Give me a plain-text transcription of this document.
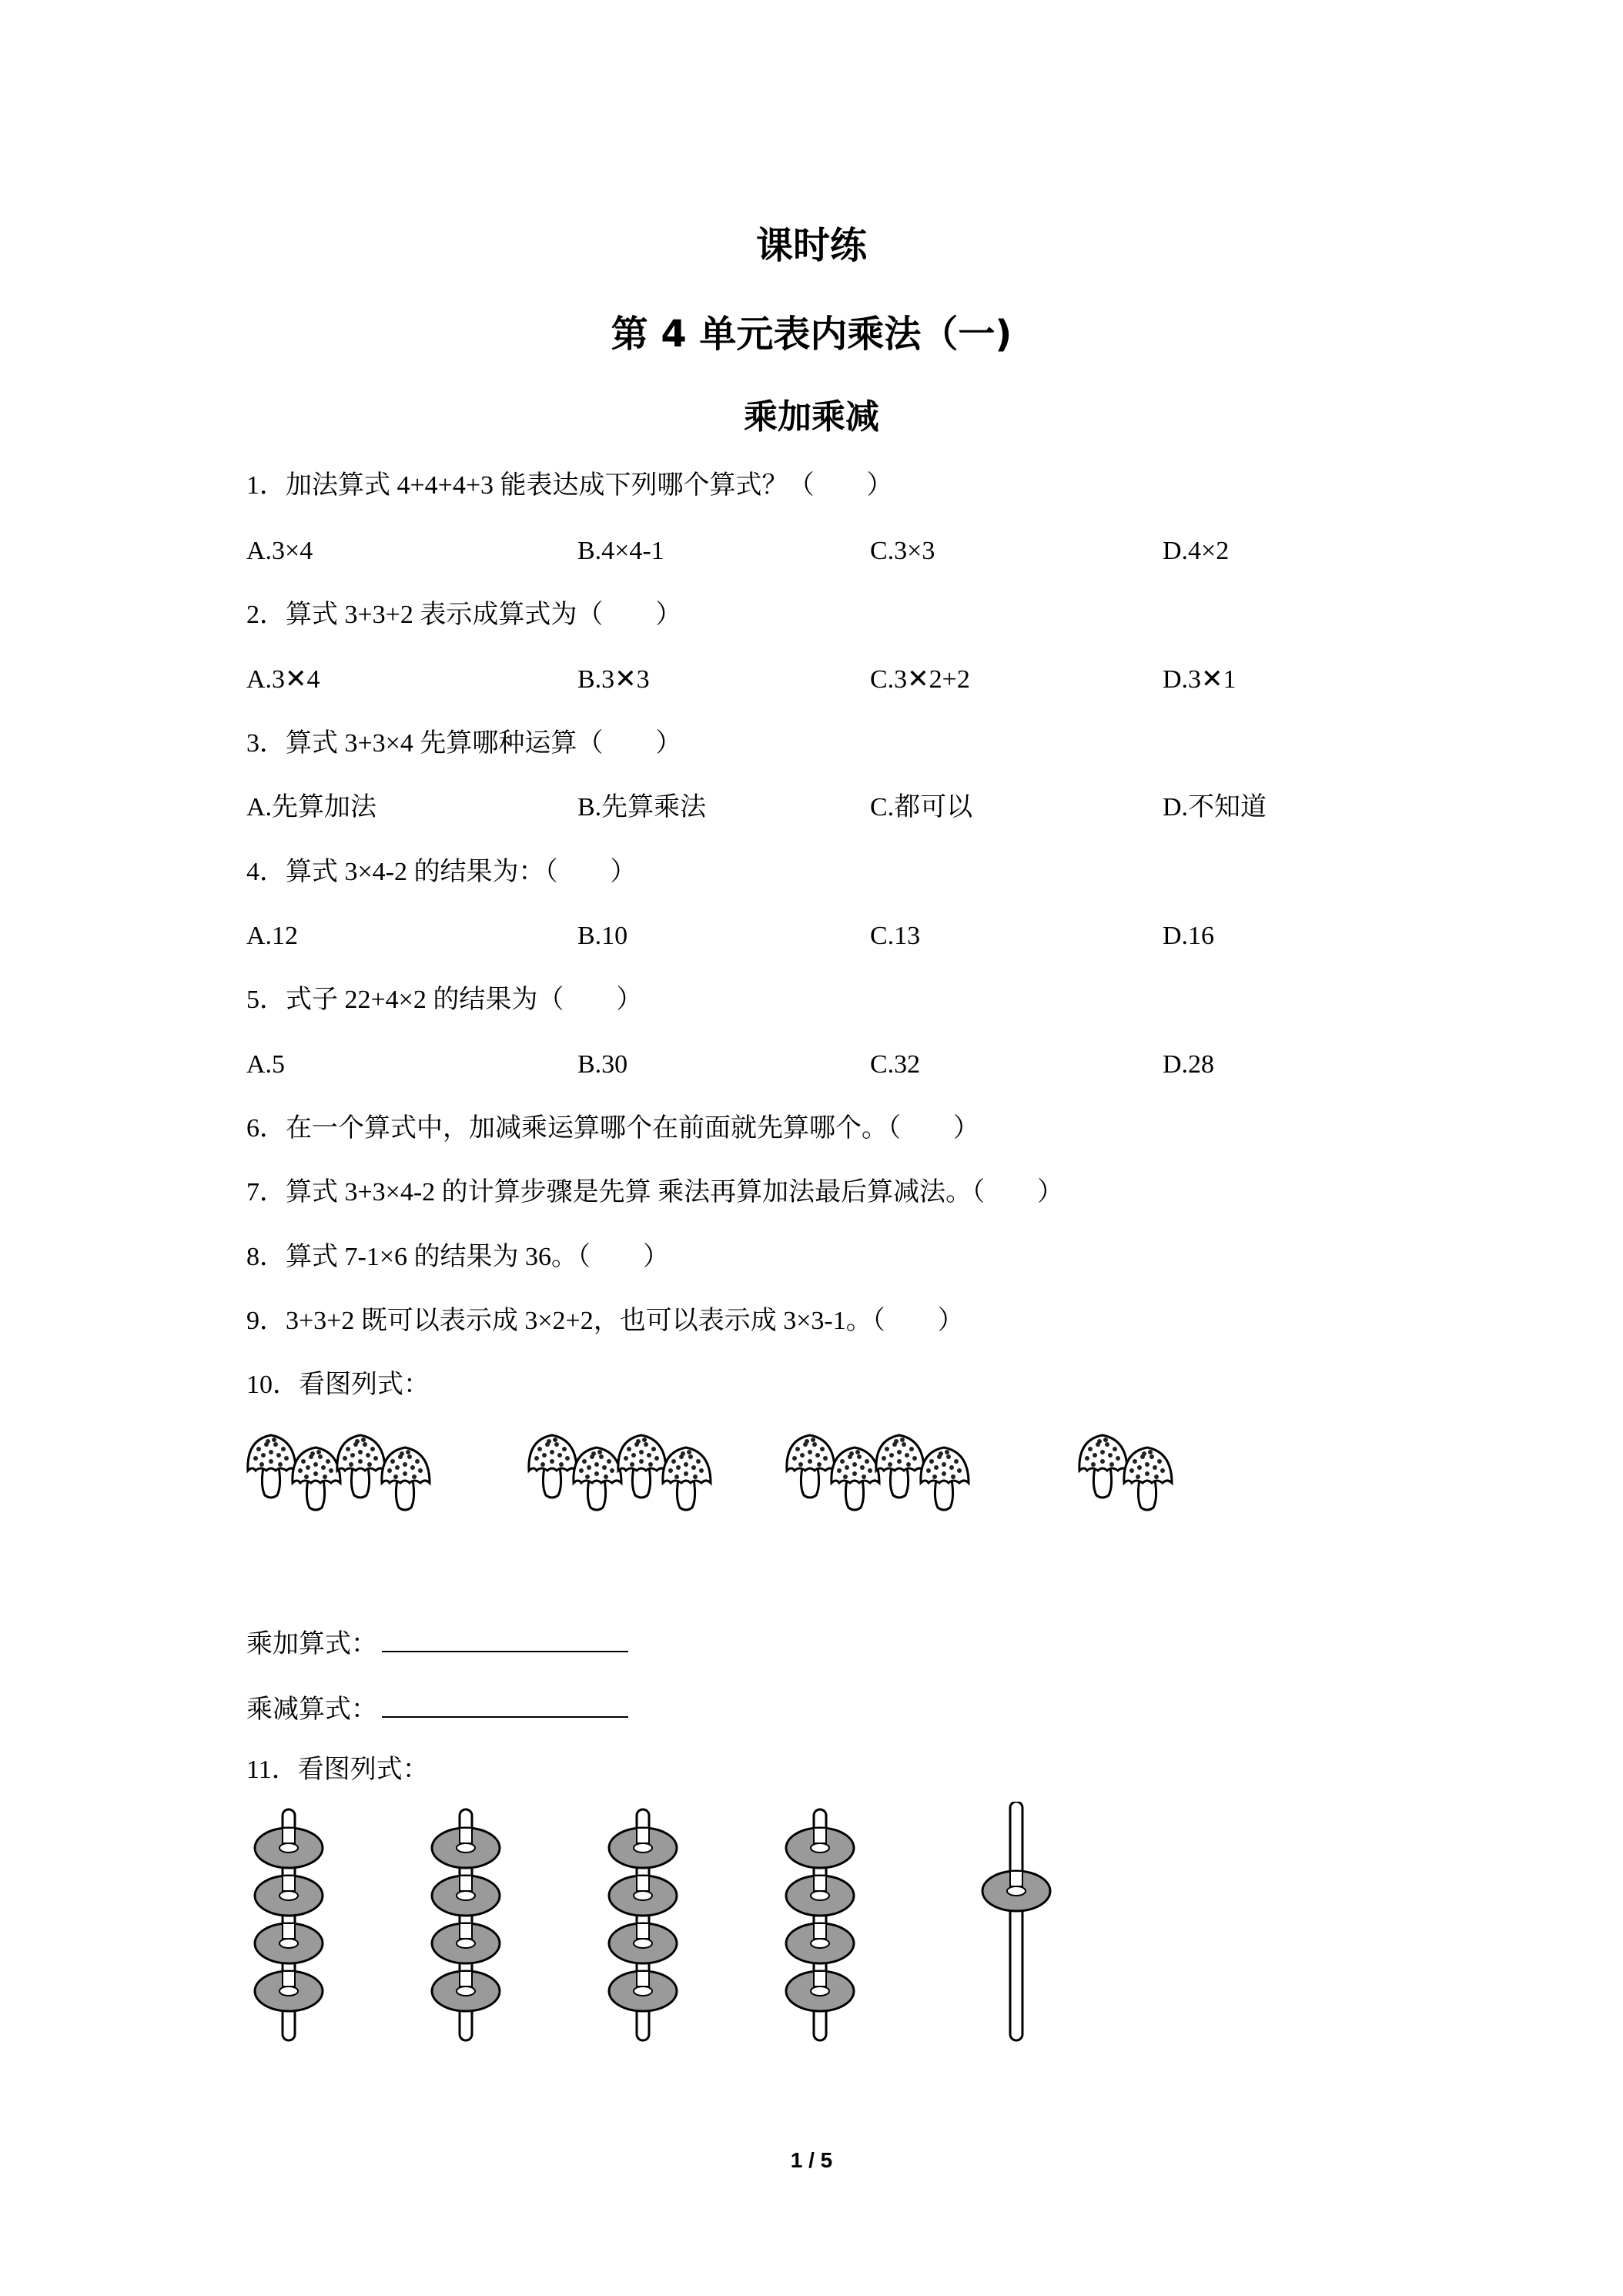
课时练
第 4 单元表内乘法（一)
乘加乘减
1．加法算式 4+4+4+3 能表达成下列哪个算式？（　　）
A.3×4	B.4×4-1	C.3×3	D.4×2
2．算式 3+3+2 表示成算式为（　　）
A.3✕4	B.3✕3	C.3✕2+2	D.3✕1
3．算式 3+3×4 先算哪种运算（　　）
A.先算加法	B.先算乘法	C.都可以	D.不知道
4．算式 3×4-2 的结果为：（　　）
A.12	B.10	C.13	D.16
5．式子 22+4×2 的结果为（　　）
A.5	B.30	C.32	D.28
6．在一个算式中，加减乘运算哪个在前面就先算哪个。（　　）
7．算式 3+3×4-2 的计算步骤是先算 乘法再算加法最后算减法。（　　）
8．算式 7-1×6 的结果为 36。（　　）
9．3+3+2 既可以表示成 3×2+2，也可以表示成 3×3-1。（　　）
10．看图列式：
乘加算式：
乘减算式：
11．看图列式：
1 / 5
